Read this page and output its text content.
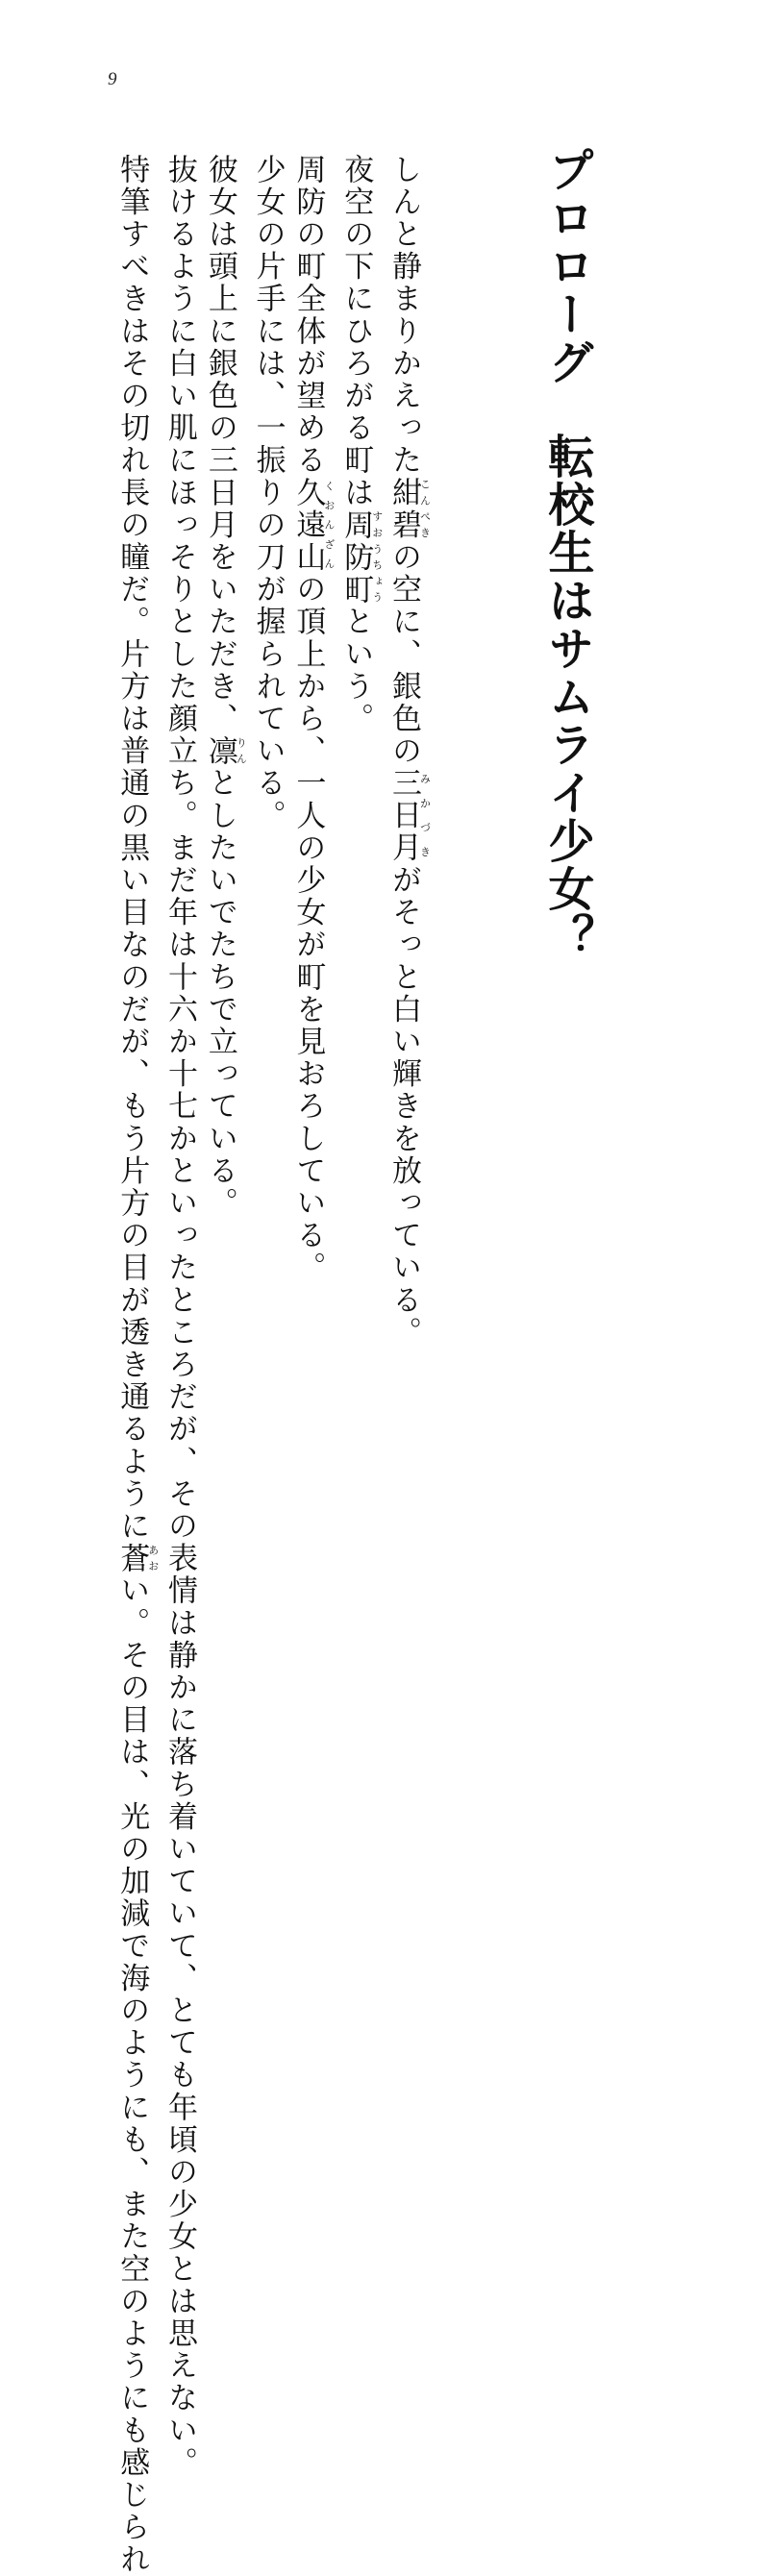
9
プロローグ転校生はサムライ少女？

しんと静まりかえった紺碧こんぺきの空に、銀色の三日月みかづきがそっと白い輝きを放っている。

夜空の下にひろがる町は周防町すおうちょうという。

周防の町全体が望める久遠山くおんざんの頂上から、一人の少女が町を見おろしている。

少女の片手には、一振りの刀が握られている。

彼女は頭上に銀色の三日月をいただき、凛りんとしたいでたちで立っている。

抜けるように白い肌にほっそりとした顔立ち。まだ年は十六か十七かといったところだが、その表情は静かに落ち着いていて、とても年頃の少女とは思えない。

特筆すべきはその切れ長の瞳だ。片方は普通の黒い目なのだが、もう片方の目が透き通るように蒼あおい。その目は、光の加減で海のようにも、また空のようにも感じられ
